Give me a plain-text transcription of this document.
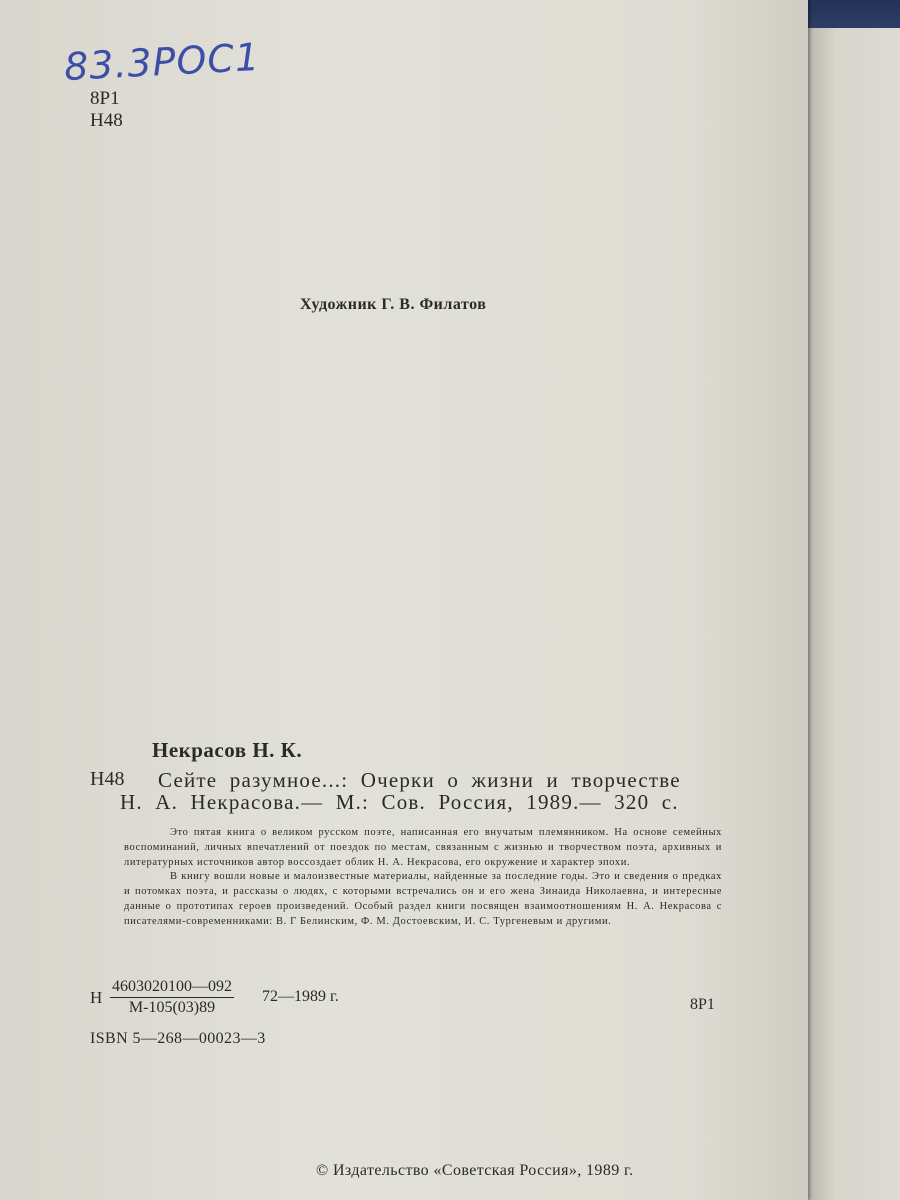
83.3РОС1
8Р1
Н48
Художник Г. В. Филатов
Некрасов Н. К.
Н48 Сейте разумное...: Очерки о жизни и творчестве
Н. А. Некрасова.— М.: Сов. Россия, 1989.— 320 с.

Это пятая книга о великом русском поэте, написанная его внучатым племянником. На основе семейных воспоминаний, личных впечатлений от поездок по местам, связанным с жизнью и творчеством поэта, архивных и литературных источников автор воссоздает облик Н. А. Некрасова, его окружение и характер эпохи.

В книгу вошли новые и малоизвестные материалы, найденные за последние годы. Это и сведения о предках и потомках поэта, и рассказы о людях, с которыми встречались он и его жена Зинаида Николаевна, и интересные данные о прототипах героев произведений. Особый раздел книги посвящен взаимоотношениям Н. А. Некрасова с писателями-современниками: В. Г Белинским, Ф. М. Достоевским, И. С. Тургеневым и другими.

Н
4603020100—092
М-105(03)89
72—1989 г.	8Р1
ISBN 5—268—00023—3
© Издательство «Советская Россия», 1989 г.
